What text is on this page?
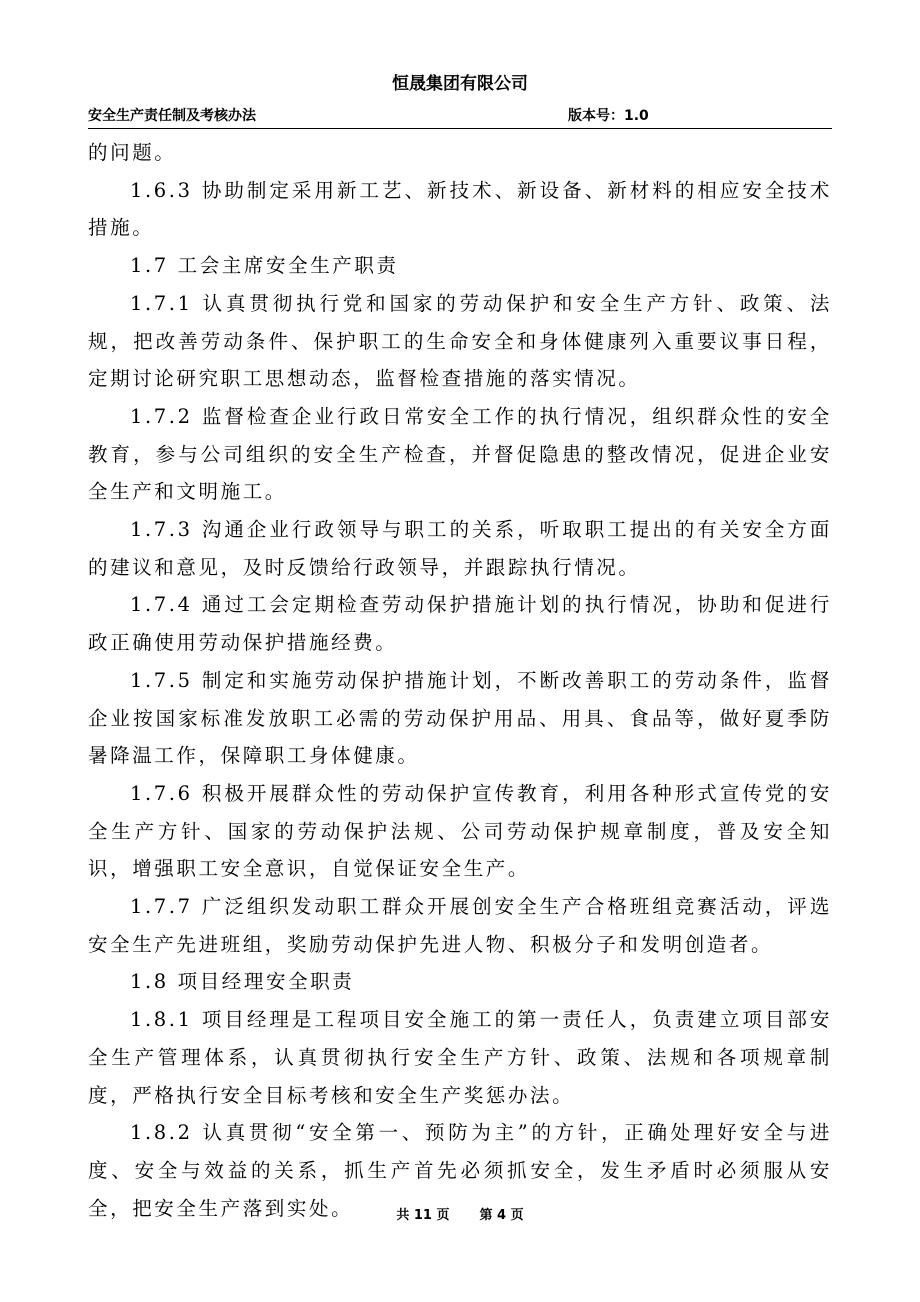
恒晟集团有限公司
安全生产责任制及考核办法	版本号：1.0

的问题。

1.6.3 协助制定采用新工艺、新技术、新设备、新材料的相应安全技术措施。

1.7 工会主席安全生产职责

1.7.1 认真贯彻执行党和国家的劳动保护和安全生产方针、政策、法规，把改善劳动条件、保护职工的生命安全和身体健康列入重要议事日程，定期讨论研究职工思想动态，监督检查措施的落实情况。

1.7.2 监督检查企业行政日常安全工作的执行情况，组织群众性的安全教育，参与公司组织的安全生产检查，并督促隐患的整改情况，促进企业安全生产和文明施工。

1.7.3 沟通企业行政领导与职工的关系，听取职工提出的有关安全方面的建议和意见，及时反馈给行政领导，并跟踪执行情况。

1.7.4 通过工会定期检查劳动保护措施计划的执行情况，协助和促进行政正确使用劳动保护措施经费。

1.7.5 制定和实施劳动保护措施计划，不断改善职工的劳动条件，监督企业按国家标准发放职工必需的劳动保护用品、用具、食品等，做好夏季防暑降温工作，保障职工身体健康。

1.7.6 积极开展群众性的劳动保护宣传教育，利用各种形式宣传党的安全生产方针、国家的劳动保护法规、公司劳动保护规章制度，普及安全知识，增强职工安全意识，自觉保证安全生产。

1.7.7 广泛组织发动职工群众开展创安全生产合格班组竞赛活动，评选安全生产先进班组，奖励劳动保护先进人物、积极分子和发明创造者。

1.8 项目经理安全职责

1.8.1 项目经理是工程项目安全施工的第一责任人，负责建立项目部安全生产管理体系，认真贯彻执行安全生产方针、政策、法规和各项规章制度，严格执行安全目标考核和安全生产奖惩办法。

1.8.2 认真贯彻“安全第一、预防为主”的方针，正确处理好安全与进度、安全与效益的关系，抓生产首先必须抓安全，发生矛盾时必须服从安全，把安全生产落到实处。	共 11 页 第 4 页
